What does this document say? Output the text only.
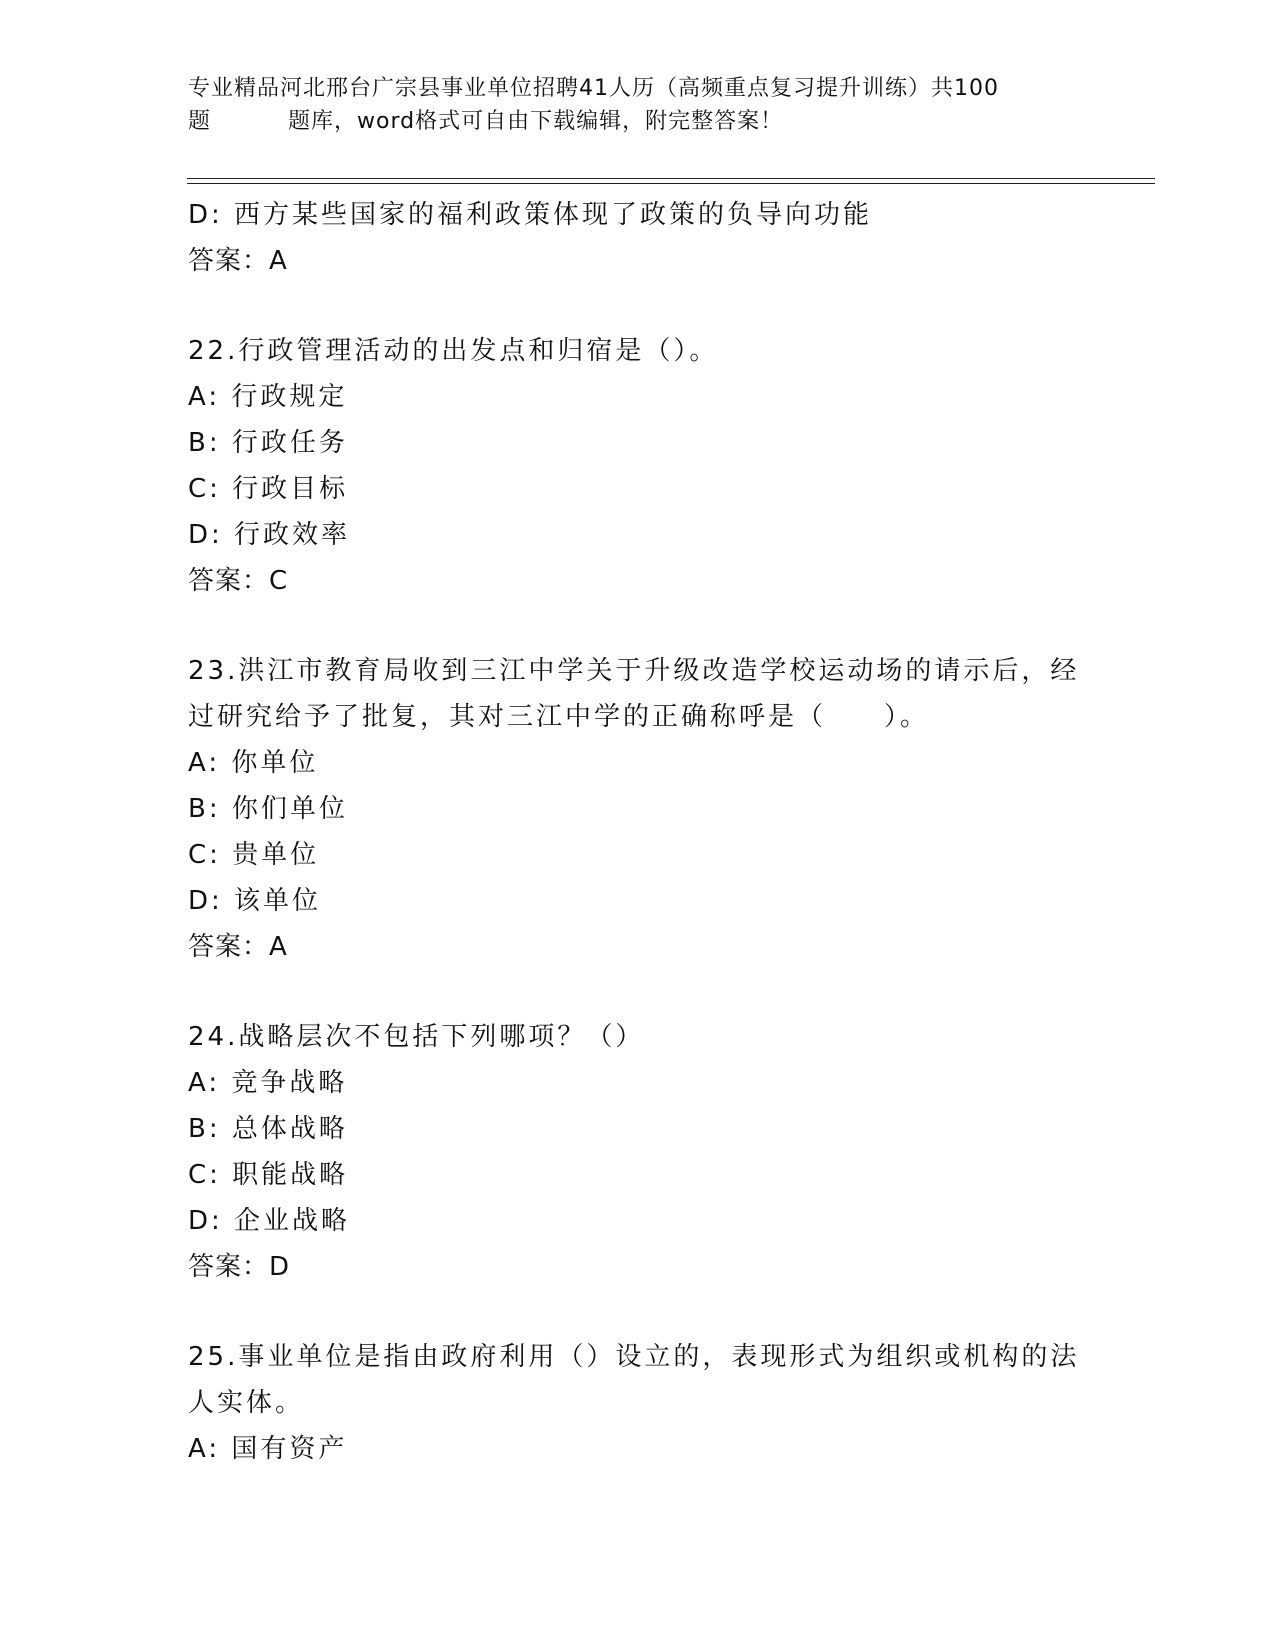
专业精品河北邢台广宗县事业单位招聘41人历（高频重点复习提升训练）共100
题	题库，word格式可自由下载编辑，附完整答案！
D: 西方某些国家的福利政策体现了政策的负导向功能
答案：A
22.行政管理活动的出发点和归宿是（）。
A: 行政规定
B: 行政任务
C: 行政目标
D: 行政效率
答案：C
23.洪江市教育局收到三江中学关于升级改造学校运动场的请示后，经
过研究给予了批复，其对三江中学的正确称呼是（　　）。
A: 你单位
B: 你们单位
C: 贵单位
D: 该单位
答案：A
24.战略层次不包括下列哪项？（）
A: 竞争战略
B: 总体战略
C: 职能战略
D: 企业战略
答案：D
25.事业单位是指由政府利用（）设立的，表现形式为组织或机构的法
人实体。
A: 国有资产
